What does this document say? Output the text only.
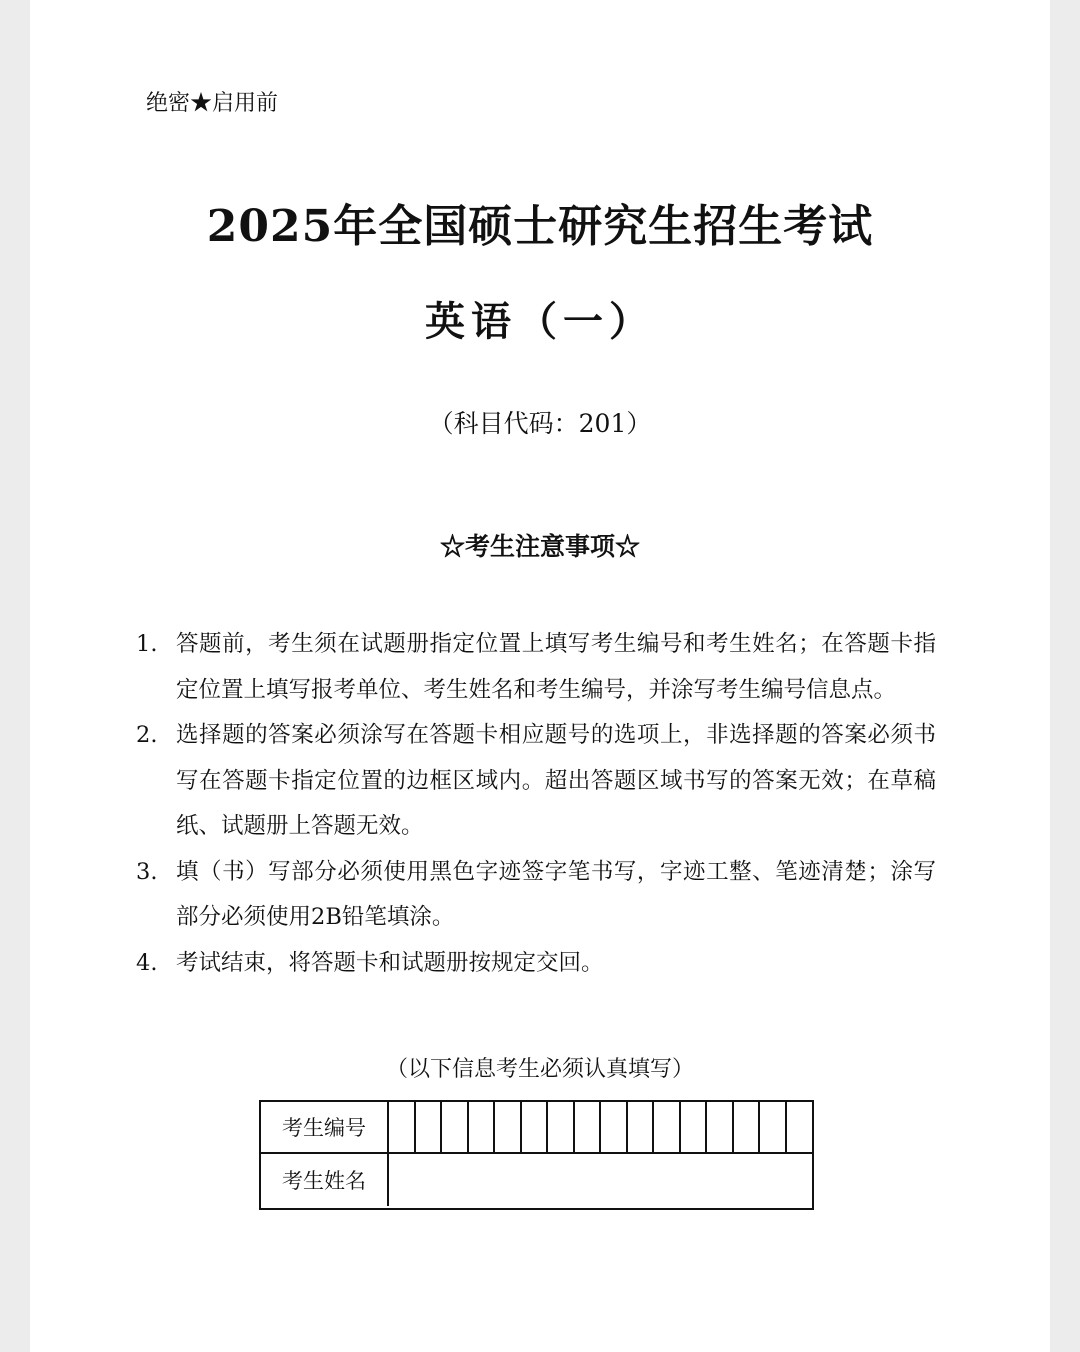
绝密★启用前
2025年全国硕士研究生招生考试
英语（一）
（科目代码：201）
☆考生注意事项☆
1. 答题前，考生须在试题册指定位置上填写考生编号和考生姓名；在答题卡指定位置上填写报考单位、考生姓名和考生编号，并涂写考生编号信息点。
2. 选择题的答案必须涂写在答题卡相应题号的选项上，非选择题的答案必须书写在答题卡指定位置的边框区域内。超出答题区域书写的答案无效；在草稿纸、试题册上答题无效。
3. 填（书）写部分必须使用黑色字迹签字笔书写，字迹工整、笔迹清楚；涂写部分必须使用2B铅笔填涂。
4. 考试结束，将答题卡和试题册按规定交回。
（以下信息考生必须认真填写）
考生编号
考生姓名
